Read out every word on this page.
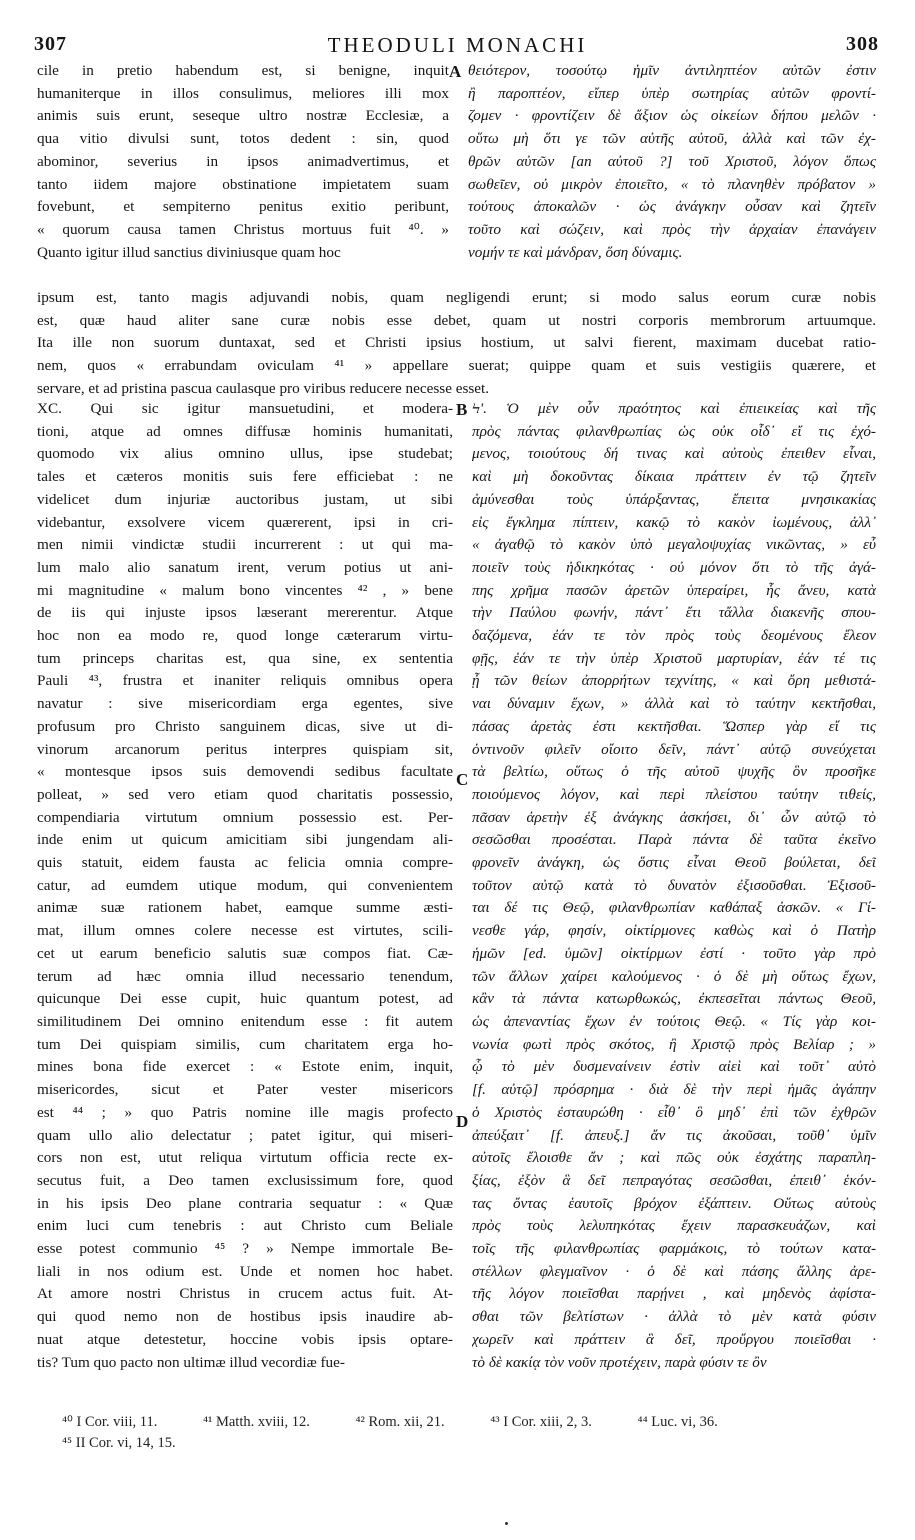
307	THEODULI MONACHI	308
A
B
C
D
cile in pretio habendum est, si benigne, inquit
humaniterque in illos consulimus, meliores illi mox
animis suis erunt, seseque ultro nostræ Ecclesiæ, a
qua vitio divulsi sunt, totos dedent : sin, quod
abominor, severius in ipsos animadvertimus, et
tanto iidem majore obstinatione impietatem suam
fovebunt, et sempiterno penitus exitio peribunt,
« quorum causa tamen Christus mortuus fuit ⁴⁰. »
Quanto igitur illud sanctius diviniusque quam hoc
θειότερον, τοσούτῳ ἡμῖν ἀντιληπτέον αὐτῶν ἐστιν
ἢ παροπτέον, εἴπερ ὑπὲρ σωτηρίας αὐτῶν φροντί-
ζομεν · φροντίζειν δὲ ἄξιον ὡς οἰκείων δήπου μελῶν ·
οὕτω μὴ ὅτι γε τῶν αὐτῆς αὐτοῦ, ἀλλὰ καὶ τῶν ἐχ-
θρῶν αὐτῶν [an αὐτοῦ ?] τοῦ Χριστοῦ, λόγον ὅπως
σωθεῖεν, οὐ μικρὸν ἐποιεῖτο, « τὸ πλανηθὲν πρόβατον »
τούτους ἀποκαλῶν · ὡς ἀνάγκην οὖσαν καὶ ζητεῖν
τοῦτο καὶ σώζειν, καὶ πρὸς τὴν ἀρχαίαν ἐπανάγειν
νομήν τε καὶ μάνδραν, ὅση δύναμις.
ipsum est, tanto magis adjuvandi nobis, quam negligendi erunt; si modo salus eorum curæ nobis
est, quæ haud aliter sane curæ nobis esse debet, quam ut nostri corporis membrorum artuumque.
Ita ille non suorum duntaxat, sed et Christi ipsius hostium, ut salvi fierent, maximam ducebat ratio-
nem, quos « errabundam oviculam ⁴¹ » appellare suerat; quippe quam et suis vestigiis quærere, et
servare, et ad pristina pascua caulasque pro viribus reducere necesse esset.
XC. Qui sic igitur mansuetudini, et modera-
tioni, atque ad omnes diffusæ hominis humanitati,
quomodo vix alius omnino ullus, ipse studebat;
tales et cæteros monitis suis fere efficiebat : ne
videlicet dum injuriæ auctoribus justam, ut sibi
videbantur, exsolvere vicem quærerent, ipsi in cri-
men nimii vindictæ studii incurrerent : ut qui ma-
lum malo alio sanatum irent, verum potius ut ani-
mi magnitudine « malum bono vincentes ⁴² , » bene
de iis qui injuste ipsos læserant mererentur. Atque
hoc non ea modo re, quod longe cæterarum virtu-
tum princeps charitas est, qua sine, ex sententia
Pauli ⁴³, frustra et inaniter reliquis omnibus opera
navatur : sive misericordiam erga egentes, sive
profusum pro Christo sanguinem dicas, sive ut di-
vinorum arcanorum peritus interpres quispiam sit,
« montesque ipsos suis demovendi sedibus facultate
polleat, » sed vero etiam quod charitatis possessio,
compendiaria virtutum omnium possessio est. Per-
inde enim ut quicum amicitiam sibi jungendam ali-
quis statuit, eidem fausta ac felicia omnia compre-
catur, ad eumdem utique modum, qui convenientem
animæ suæ rationem habet, eamque summe æsti-
mat, illum omnes colere necesse est virtutes, scili-
cet ut earum beneficio salutis suæ compos fiat. Cæ-
terum ad hæc omnia illud necessario tenendum,
quicunque Dei esse cupit, huic quantum potest, ad
similitudinem Dei omnino enitendum esse : fit autem
tum Dei quispiam similis, cum charitatem erga ho-
mines bona fide exercet : « Estote enim, inquit,
misericordes, sicut et Pater vester misericors
est ⁴⁴ ; » quo Patris nomine ille magis profecto
quam ullo alio delectatur ; patet igitur, qui miseri-
cors non est, utut reliqua virtutum officia recte ex-
secutus fuit, a Deo tamen exclusissimum fore, quod
in his ipsis Deo plane contraria sequatur : « Quæ
enim luci cum tenebris : aut Christo cum Beliale
esse potest communio ⁴⁵ ? » Nempe immortale Be-
liali in nos odium est. Unde et nomen hoc habet.
At amore nostri Christus in crucem actus fuit. At-
qui quod nemo non de hostibus ipsis inaudire ab-
nuat atque detestetur, hoccine vobis ipsis optare-
tis? Tum quo pacto non ultimæ illud vecordiæ fue-
Ϟʹ. Ὁ μὲν οὖν πραότητος καὶ ἐπιεικείας καὶ τῆς
πρὸς πάντας φιλανθρωπίας ὡς οὐκ οἶδ᾽ εἴ τις ἐχό-
μενος, τοιούτους δή τινας καὶ αὐτοὺς ἐπειθεν εἶναι,
καὶ μὴ δοκοῦντας δίκαια πράττειν ἐν τῷ ζητεῖν
ἀμύνεσθαι τοὺς ὑπάρξαντας, ἔπειτα μνησικακίας
εἰς ἔγκλημα πίπτειν, κακῷ τὸ κακὸν ἰωμένους, ἀλλ᾽
« ἀγαθῷ τὸ κακὸν ὑπὸ μεγαλοψυχίας νικῶντας, » εὖ
ποιεῖν τοὺς ἠδικηκότας · οὐ μόνον ὅτι τὸ τῆς ἀγά-
πης χρῆμα πασῶν ἀρετῶν ὑπεραίρει, ἧς ἄνευ, κατὰ
τὴν Παύλου φωνήν, πάντ᾽ ἔτι τἄλλα διακενῆς σπου-
δαζόμενα, ἐάν τε τὸν πρὸς τοὺς δεομένους ἔλεον
φῇς, ἐάν τε τὴν ὑπὲρ Χριστοῦ μαρτυρίαν, ἐάν τέ τις
ᾖ τῶν θείων ἀπορρήτων τεχνίτης, « καὶ ὄρη μεθιστά-
ναι δύναμιν ἔχων, » ἀλλὰ καὶ τὸ ταύτην κεκτῆσθαι,
πάσας ἀρετὰς ἐστι κεκτῆσθαι. Ὥσπερ γὰρ εἴ τις
ὁντινοῦν φιλεῖν οἴοιτο δεῖν, πάντ᾽ αὐτῷ συνεύχεται
τὰ βελτίω, οὕτως ὁ τῆς αὐτοῦ ψυχῆς ὃν προσῆκε
ποιούμενος λόγον, καὶ περὶ πλείστου ταύτην τιθείς,
πᾶσαν ἀρετὴν ἐξ ἀνάγκης ἀσκήσει, δι᾽ ὧν αὐτῷ τὸ
σεσῶσθαι προσέσται. Παρὰ πάντα δὲ ταῦτα ἐκεῖνο
φρονεῖν ἀνάγκη, ὡς ὅστις εἶναι Θεοῦ βούλεται, δεῖ
τοῦτον αὐτῷ κατὰ τὸ δυνατὸν ἐξισοῦσθαι. Ἐξισοῦ-
ται δέ τις Θεῷ, φιλανθρωπίαν καθάπαξ ἀσκῶν. « Γί-
νεσθε γάρ, φησίν, οἰκτίρμονες καθὼς καὶ ὁ Πατὴρ
ἡμῶν [ed. ὑμῶν] οἰκτίρμων ἐστί · τοῦτο γὰρ πρὸ
τῶν ἄλλων χαίρει καλούμενος · ὁ δὲ μὴ οὕτως ἔχων,
κἂν τὰ πάντα κατωρθωκώς, ἐκπεσεῖται πάντως Θεοῦ,
ὡς ἀπεναντίας ἔχων ἐν τούτοις Θεῷ. « Τίς γὰρ κοι-
νωνία φωτὶ πρὸς σκότος, ἢ Χριστῷ πρὸς Βελίαρ ; »
ᾧ τὸ μὲν δυσμεναίνειν ἐστὶν αἰεὶ καὶ τοῦτ᾽ αὐτὸ
[f. αὐτῷ] πρόσρημα · διὰ δὲ τὴν περὶ ἡμᾶς ἀγάπην
ὁ Χριστὸς ἐσταυρώθη · εἶθ᾽ ὃ μηδ᾽ ἐπὶ τῶν ἐχθρῶν
ἀπεύξαιτ᾽ [f. ἀπευξ.] ἄν τις ἀκοῦσαι, τοῦθ᾽ ὑμῖν
αὐτοῖς ἔλοισθε ἄν ; καὶ πῶς οὐκ ἐσχάτης παραπλη-
ξίας, ἐξὸν ἃ δεῖ πεπραγότας σεσῶσθαι, ἐπειθ᾽ ἑκόν-
τας ὄντας ἑαυτοῖς βρόχον ἐξάπτειν. Οὕτως αὐτοὺς
πρὸς τοὺς λελυπηκότας ἔχειν παρασκευάζων, καὶ
τοῖς τῆς φιλανθρωπίας φαρμάκοις, τὸ τούτων κατα-
στέλλων φλεγμαῖνον · ὁ δὲ καὶ πάσης ἄλλης ἀρε-
τῆς λόγον ποιεῖσθαι παρῄνει , καὶ μηδενὸς ἀφίστα-
σθαι τῶν βελτίστων · ἀλλὰ τὸ μὲν κατὰ φύσιν
χωρεῖν καὶ πράττειν ἃ δεῖ, προὔργου ποιεῖσθαι ·
τὸ δὲ κακίᾳ τὸν νοῦν προτέχειν, παρὰ φύσιν τε ὂν
⁴⁰ I Cor. viii, 11.	⁴¹ Matth. xviii, 12.	⁴² Rom. xii, 21.	⁴³ I Cor. xiii, 2, 3.	⁴⁴ Luc. vi, 36.
⁴⁵ II Cor. vi, 14, 15.
